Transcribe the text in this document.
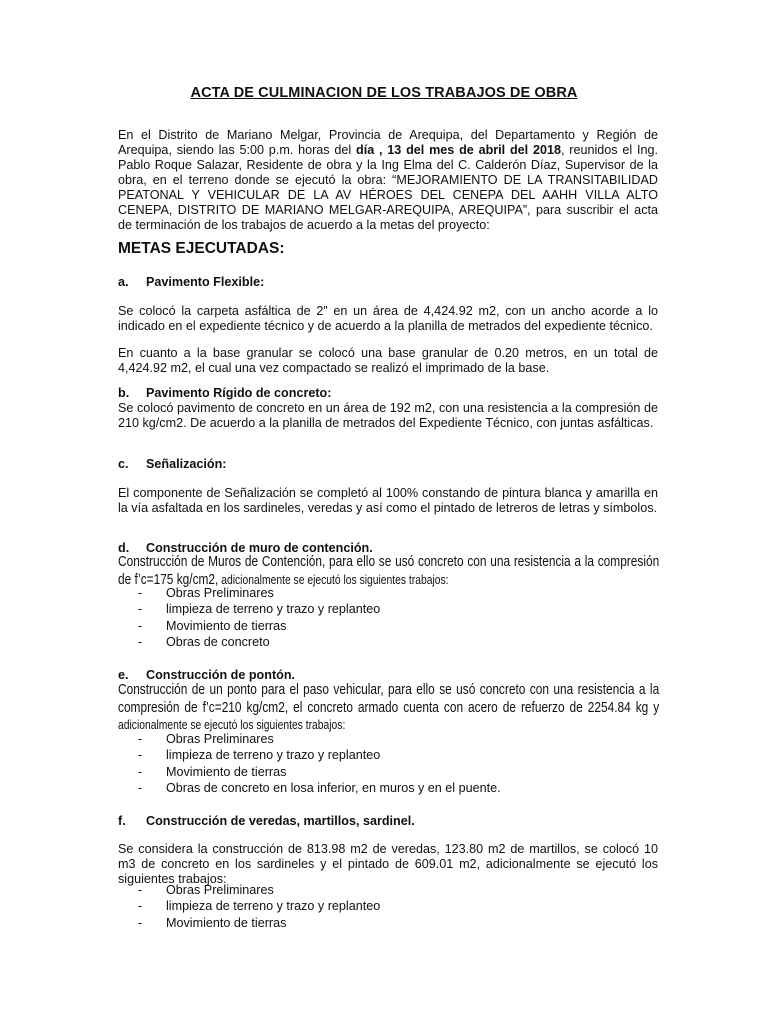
ACTA DE CULMINACION DE LOS TRABAJOS DE OBRA
En el Distrito de Mariano Melgar, Provincia de Arequipa, del Departamento y Región de Arequipa, siendo las 5:00 p.m. horas del día , 13 del mes de abril del 2018, reunidos el Ing. Pablo Roque Salazar, Residente de obra y la Ing Elma del C. Calderón Díaz, Supervisor de la obra, en el terreno donde se ejecutó la obra: “MEJORAMIENTO DE LA TRANSITABILIDAD PEATONAL Y VEHICULAR DE LA AV HÉROES DEL CENEPA DEL AAHH VILLA ALTO CENEPA, DISTRITO DE MARIANO MELGAR-AREQUIPA, AREQUIPA”, para suscribir el acta de terminación de los trabajos de acuerdo a la metas del proyecto:
METAS EJECUTADAS:
a. Pavimento Flexible:
Se colocó la carpeta asfáltica de 2” en un área de 4,424.92 m2, con un ancho acorde a lo indicado en el expediente técnico y de acuerdo a la planilla de metrados del expediente técnico.
En cuanto a la base granular se colocó una base granular de 0.20 metros, en un total de 4,424.92 m2, el cual una vez compactado se realizó el imprimado de la base.
b. Pavimento Rígido de concreto:
Se colocó pavimento de concreto en un área de 192 m2, con una resistencia a la compresión de 210 kg/cm2. De acuerdo a la planilla de metrados del Expediente Técnico, con juntas asfálticas.
c. Señalización:
El componente de Señalización se completó al 100% constando de pintura blanca y amarilla en la vía asfaltada en los sardineles, veredas y así como el pintado de letreros de letras y símbolos.
d. Construcción de muro de contención.
Construcción de Muros de Contención, para ello se usó concreto con una resistencia a la compresión de f’c=175 kg/cm2, adicionalmente se ejecutó los siguientes trabajos:
- Obras Preliminares
- limpieza de terreno y trazo y replanteo
- Movimiento de tierras
- Obras de concreto
e. Construcción de pontón.
Construcción de un ponto para el paso vehicular, para ello se usó concreto con una resistencia a la compresión de f’c=210 kg/cm2, el concreto armado cuenta con acero de refuerzo de 2254.84 kg y adicionalmente se ejecutó los siguientes trabajos:
- Obras Preliminares
- limpieza de terreno y trazo y replanteo
- Movimiento de tierras
- Obras de concreto en losa inferior, en muros y en el puente.
f. Construcción de veredas, martillos, sardinel.
Se considera la construcción de 813.98 m2 de veredas, 123.80 m2 de martillos, se colocó 10 m3 de concreto en los sardineles y el pintado de 609.01 m2, adicionalmente se ejecutó los siguientes trabajos:
- Obras Preliminares
- limpieza de terreno y trazo y replanteo
- Movimiento de tierras
